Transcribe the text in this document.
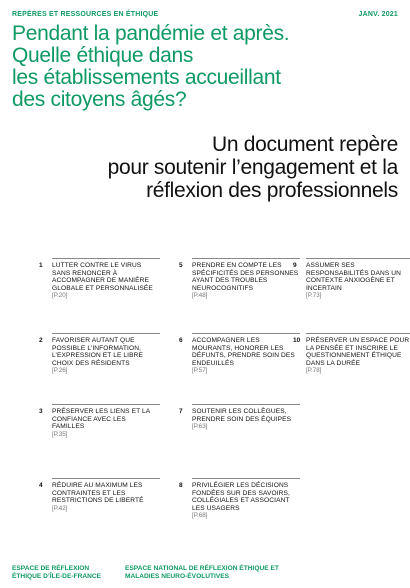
REPÈRES ET RESSOURCES EN ÉTHIQUE	JANV. 2021
Pendant la pandémie et après.
Quelle éthique dans
les établissements accueillant
des citoyens âgés?
Un document repère
pour soutenir l’engagement et la
réflexion des professionnels
1 LUTTER CONTRE LE VIRUS SANS RENONCER À ACCOMPAGNER DE MANIÈRE GLOBALE ET PERSONNALISÉE
[P.20]
2 FAVORISER AUTANT QUE POSSIBLE L’INFORMATION, L’EXPRESSION ET LE LIBRE CHOIX DES RÉSIDENTS
[P.26]
3 PRÉSERVER LES LIENS ET LA CONFIANCE AVEC LES FAMILLES
[P.35]
4 RÉDUIRE AU MAXIMUM LES CONTRAINTES ET LES RESTRICTIONS DE LIBERTÉ
[P.42]
5 PRENDRE EN COMPTE LES SPÉCIFICITÉS DES PERSONNES AYANT DES TROUBLES NEUROCOGNITIFS
[P.48]
6 ACCOMPAGNER LES MOURANTS, HONORER LES DÉFUNTS, PRENDRE SOIN DES ENDEUILLÉS
[P.57]
7 SOUTENIR LES COLLÈGUES, PRENDRE SOIN DES ÉQUIPES
[P.63]
8 PRIVILÉGIER LES DÉCISIONS FONDÉES SUR DES SAVOIRS, COLLÉGIALES ET ASSOCIANT LES USAGERS
[P.68]
9 ASSUMER SES RESPONSABILITÉS DANS UN CONTEXTE ANXIOGÈNE ET INCERTAIN
[P.73]
10 PRÉSERVER UN ESPACE POUR LA PENSÉE ET INSCRIRE LE QUESTIONNEMENT ÉTHIQUE DANS LA DURÉE
[P.78]
ESPACE DE RÉFLEXION ÉTHIQUE D’ÎLE-DE-FRANCE
ESPACE NATIONAL DE RÉFLEXION ÉTHIQUE ET MALADIES NEURO-ÉVOLUTIVES
